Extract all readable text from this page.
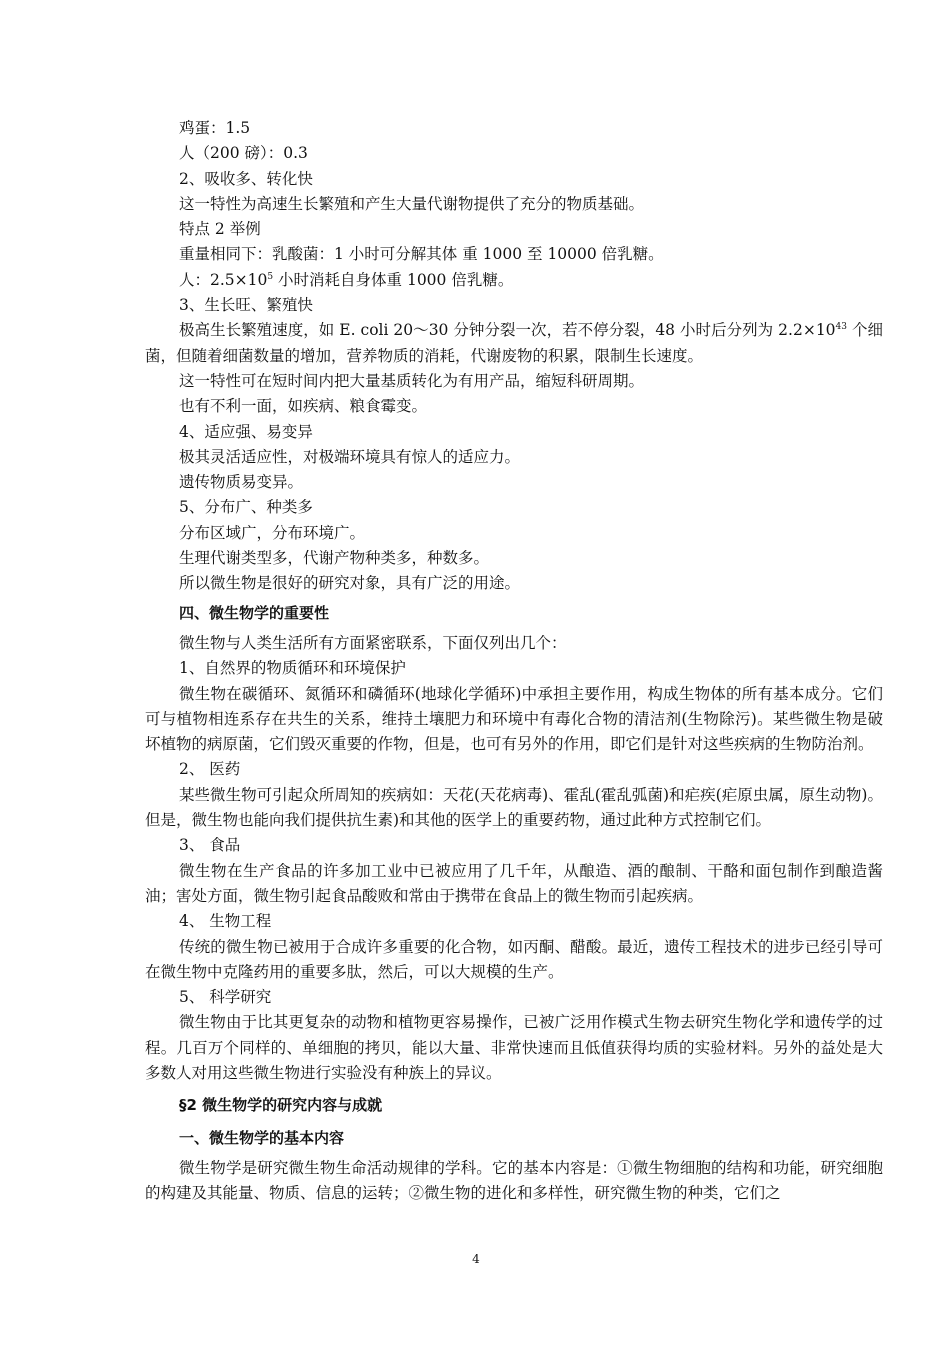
鸡蛋：1.5

人（200 磅）：0.3

2、吸收多、转化快

这一特性为高速生长繁殖和产生大量代谢物提供了充分的物质基础。

特点 2 举例

重量相同下：乳酸菌：1 小时可分解其体 重 1000 至 10000 倍乳糖。

人：$2.5\times 10^5$ 小时消耗自身体重 1000 倍乳糖。

3、生长旺、繁殖快

极高生长繁殖速度，如 E. coli 20～30 分钟分裂一次，若不停分裂，48 小时后分列为 $2.2\times 10^{43}$ 个细菌，但随着细菌数量的增加，营养物质的消耗，代谢废物的积累，限制生长速度。

这一特性可在短时间内把大量基质转化为有用产品，缩短科研周期。

也有不利一面，如疾病、粮食霉变。

4、适应强、易变异

极其灵活适应性，对极端环境具有惊人的适应力。

遗传物质易变异。

5、分布广、种类多

分布区域广，分布环境广。

生理代谢类型多，代谢产物种类多，种数多。

所以微生物是很好的研究对象，具有广泛的用途。

四、微生物学的重要性

微生物与人类生活所有方面紧密联系，下面仅列出几个：

1、自然界的物质循环和环境保护

微生物在碳循环、氮循环和磷循环(地球化学循环)中承担主要作用，构成生物体的所有基本成分。它们可与植物相连系存在共生的关系，维持土壤肥力和环境中有毒化合物的清洁剂(生物除污)。某些微生物是破坏植物的病原菌，它们毁灭重要的作物，但是，也可有另外的作用，即它们是针对这些疾病的生物防治剂。

2、 医药

某些微生物可引起众所周知的疾病如：天花(天花病毒)、霍乱(霍乱弧菌)和疟疾(疟原虫属，原生动物)。但是，微生物也能向我们提供抗生素)和其他的医学上的重要药物，通过此种方式控制它们。

3、 食品

微生物在生产食品的许多加工业中已被应用了几千年，从酿造、酒的酿制、干酪和面包制作到酿造酱油；害处方面，微生物引起食品酸败和常由于携带在食品上的微生物而引起疾病。

4、 生物工程

传统的微生物已被用于合成许多重要的化合物，如丙酮、醋酸。最近，遗传工程技术的进步已经引导可在微生物中克隆药用的重要多肽，然后，可以大规模的生产。

5、 科学研究

微生物由于比其更复杂的动物和植物更容易操作，已被广泛用作模式生物去研究生物化学和遗传学的过程。几百万个同样的、单细胞的拷贝，能以大量、非常快速而且低值获得均质的实验材料。另外的益处是大多数人对用这些微生物进行实验没有种族上的异议。

§2 微生物学的研究内容与成就

一、微生物学的基本内容

微生物学是研究微生物生命活动规律的学科。它的基本内容是：①微生物细胞的结构和功能，研究细胞的构建及其能量、物质、信息的运转；②微生物的进化和多样性，研究微生物的种类，它们之

4
